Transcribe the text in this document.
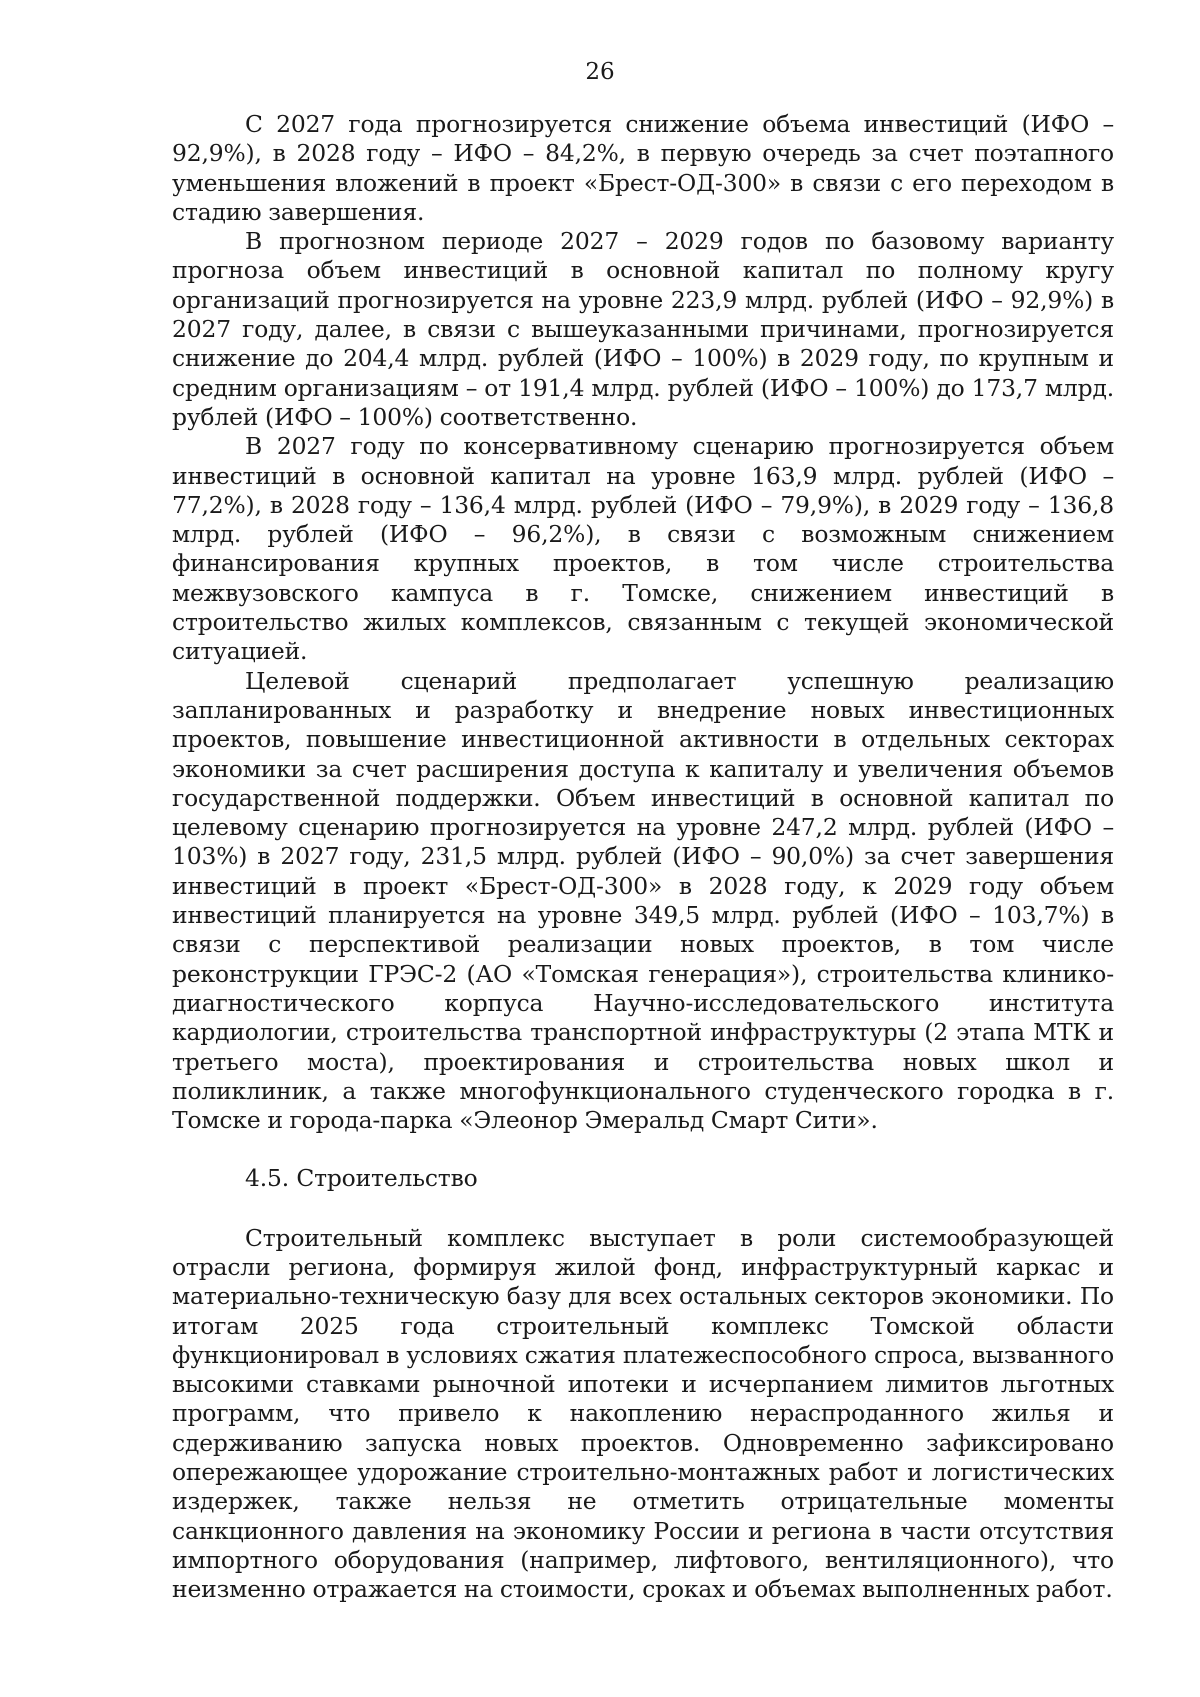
26

С 2027 года прогнозируется снижение объема инвестиций (ИФО – 92,9%), в 2028 году – ИФО – 84,2%, в первую очередь за счет поэтапного уменьшения вложений в проект «Брест-ОД-300» в связи с его переходом в стадию завершения.

В прогнозном периоде 2027 – 2029 годов по базовому варианту прогноза объем инвестиций в основной капитал по полному кругу организаций прогнозируется на уровне 223,9 млрд. рублей (ИФО – 92,9%) в 2027 году, далее, в связи с вышеуказанными причинами, прогнозируется снижение до 204,4 млрд. рублей (ИФО – 100%) в 2029 году, по крупным и средним организациям – от 191,4 млрд. рублей (ИФО – 100%) до 173,7 млрд. рублей (ИФО – 100%) соответственно.

В 2027 году по консервативному сценарию прогнозируется объем инвестиций в основной капитал на уровне 163,9 млрд. рублей (ИФО – 77,2%), в 2028 году – 136,4 млрд. рублей (ИФО – 79,9%), в 2029 году – 136,8 млрд. рублей (ИФО – 96,2%), в связи с возможным снижением финансирования крупных проектов, в том числе строительства межвузовского кампуса в г. Томске, снижением инвестиций в строительство жилых комплексов, связанным с текущей экономической ситуацией.

Целевой сценарий предполагает успешную реализацию запланированных и разработку и внедрение новых инвестиционных проектов, повышение инвестиционной активности в отдельных секторах экономики за счет расширения доступа к капиталу и увеличения объемов государственной поддержки. Объем инвестиций в основной капитал по целевому сценарию прогнозируется на уровне 247,2 млрд. рублей (ИФО – 103%) в 2027 году, 231,5 млрд. рублей (ИФО – 90,0%) за счет завершения инвестиций в проект «Брест-ОД-300» в 2028 году, к 2029 году объем инвестиций планируется на уровне 349,5 млрд. рублей (ИФО – 103,7%) в связи с перспективой реализации новых проектов, в том числе реконструкции ГРЭС-2 (АО «Томская генерация»), строительства клинико-диагностического корпуса Научно-исследовательского института кардиологии, строительства транспортной инфраструктуры (2 этапа МТК и третьего моста), проектирования и строительства новых школ и поликлиник, а также многофункционального студенческого городка в г. Томске и города-парка «Элеонор Эмеральд Смарт Сити».

4.5. Строительство

Строительный комплекс выступает в роли системообразующей отрасли региона, формируя жилой фонд, инфраструктурный каркас и материально-техническую базу для всех остальных секторов экономики. По итогам 2025 года строительный комплекс Томской области функционировал в условиях сжатия платежеспособного спроса, вызванного высокими ставками рыночной ипотеки и исчерпанием лимитов льготных программ, что привело к накоплению нераспроданного жилья и сдерживанию запуска новых проектов. Одновременно зафиксировано опережающее удорожание строительно-монтажных работ и логистических издержек, также нельзя не отметить отрицательные моменты санкционного давления на экономику России и региона в части отсутствия импортного оборудования (например, лифтового, вентиляционного), что неизменно отражается на стоимости, сроках и объемах выполненных работ.
